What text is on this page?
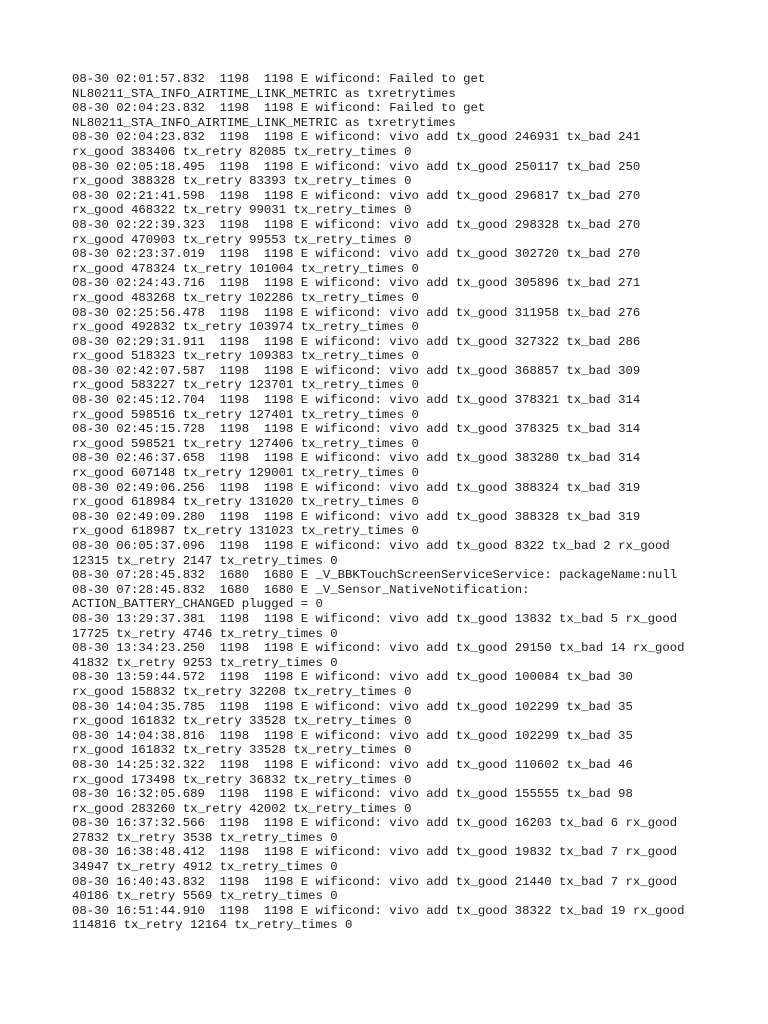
08-30 02:01:57.832  1198  1198 E wificond: Failed to get
NL80211_STA_INFO_AIRTIME_LINK_METRIC as txretrytimes
08-30 02:04:23.832  1198  1198 E wificond: Failed to get
NL80211_STA_INFO_AIRTIME_LINK_METRIC as txretrytimes
08-30 02:04:23.832  1198  1198 E wificond: vivo add tx_good 246931 tx_bad 241
rx_good 383406 tx_retry 82085 tx_retry_times 0
08-30 02:05:18.495  1198  1198 E wificond: vivo add tx_good 250117 tx_bad 250
rx_good 388328 tx_retry 83393 tx_retry_times 0
08-30 02:21:41.598  1198  1198 E wificond: vivo add tx_good 296817 tx_bad 270
rx_good 468322 tx_retry 99031 tx_retry_times 0
08-30 02:22:39.323  1198  1198 E wificond: vivo add tx_good 298328 tx_bad 270
rx_good 470903 tx_retry 99553 tx_retry_times 0
08-30 02:23:37.019  1198  1198 E wificond: vivo add tx_good 302720 tx_bad 270
rx_good 478324 tx_retry 101004 tx_retry_times 0
08-30 02:24:43.716  1198  1198 E wificond: vivo add tx_good 305896 tx_bad 271
rx_good 483268 tx_retry 102286 tx_retry_times 0
08-30 02:25:56.478  1198  1198 E wificond: vivo add tx_good 311958 tx_bad 276
rx_good 492832 tx_retry 103974 tx_retry_times 0
08-30 02:29:31.911  1198  1198 E wificond: vivo add tx_good 327322 tx_bad 286
rx_good 518323 tx_retry 109383 tx_retry_times 0
08-30 02:42:07.587  1198  1198 E wificond: vivo add tx_good 368857 tx_bad 309
rx_good 583227 tx_retry 123701 tx_retry_times 0
08-30 02:45:12.704  1198  1198 E wificond: vivo add tx_good 378321 tx_bad 314
rx_good 598516 tx_retry 127401 tx_retry_times 0
08-30 02:45:15.728  1198  1198 E wificond: vivo add tx_good 378325 tx_bad 314
rx_good 598521 tx_retry 127406 tx_retry_times 0
08-30 02:46:37.658  1198  1198 E wificond: vivo add tx_good 383280 tx_bad 314
rx_good 607148 tx_retry 129001 tx_retry_times 0
08-30 02:49:06.256  1198  1198 E wificond: vivo add tx_good 388324 tx_bad 319
rx_good 618984 tx_retry 131020 tx_retry_times 0
08-30 02:49:09.280  1198  1198 E wificond: vivo add tx_good 388328 tx_bad 319
rx_good 618987 tx_retry 131023 tx_retry_times 0
08-30 06:05:37.096  1198  1198 E wificond: vivo add tx_good 8322 tx_bad 2 rx_good
12315 tx_retry 2147 tx_retry_times 0
08-30 07:28:45.832  1680  1680 E _V_BBKTouchScreenServiceService: packageName:null
08-30 07:28:45.832  1680  1680 E _V_Sensor_NativeNotification:
ACTION_BATTERY_CHANGED plugged = 0
08-30 13:29:37.381  1198  1198 E wificond: vivo add tx_good 13832 tx_bad 5 rx_good
17725 tx_retry 4746 tx_retry_times 0
08-30 13:34:23.250  1198  1198 E wificond: vivo add tx_good 29150 tx_bad 14 rx_good
41832 tx_retry 9253 tx_retry_times 0
08-30 13:59:44.572  1198  1198 E wificond: vivo add tx_good 100084 tx_bad 30
rx_good 158832 tx_retry 32208 tx_retry_times 0
08-30 14:04:35.785  1198  1198 E wificond: vivo add tx_good 102299 tx_bad 35
rx_good 161832 tx_retry 33528 tx_retry_times 0
08-30 14:04:38.816  1198  1198 E wificond: vivo add tx_good 102299 tx_bad 35
rx_good 161832 tx_retry 33528 tx_retry_times 0
08-30 14:25:32.322  1198  1198 E wificond: vivo add tx_good 110602 tx_bad 46
rx_good 173498 tx_retry 36832 tx_retry_times 0
08-30 16:32:05.689  1198  1198 E wificond: vivo add tx_good 155555 tx_bad 98
rx_good 283260 tx_retry 42002 tx_retry_times 0
08-30 16:37:32.566  1198  1198 E wificond: vivo add tx_good 16203 tx_bad 6 rx_good
27832 tx_retry 3538 tx_retry_times 0
08-30 16:38:48.412  1198  1198 E wificond: vivo add tx_good 19832 tx_bad 7 rx_good
34947 tx_retry 4912 tx_retry_times 0
08-30 16:40:43.832  1198  1198 E wificond: vivo add tx_good 21440 tx_bad 7 rx_good
40186 tx_retry 5569 tx_retry_times 0
08-30 16:51:44.910  1198  1198 E wificond: vivo add tx_good 38322 tx_bad 19 rx_good
114816 tx_retry 12164 tx_retry_times 0
